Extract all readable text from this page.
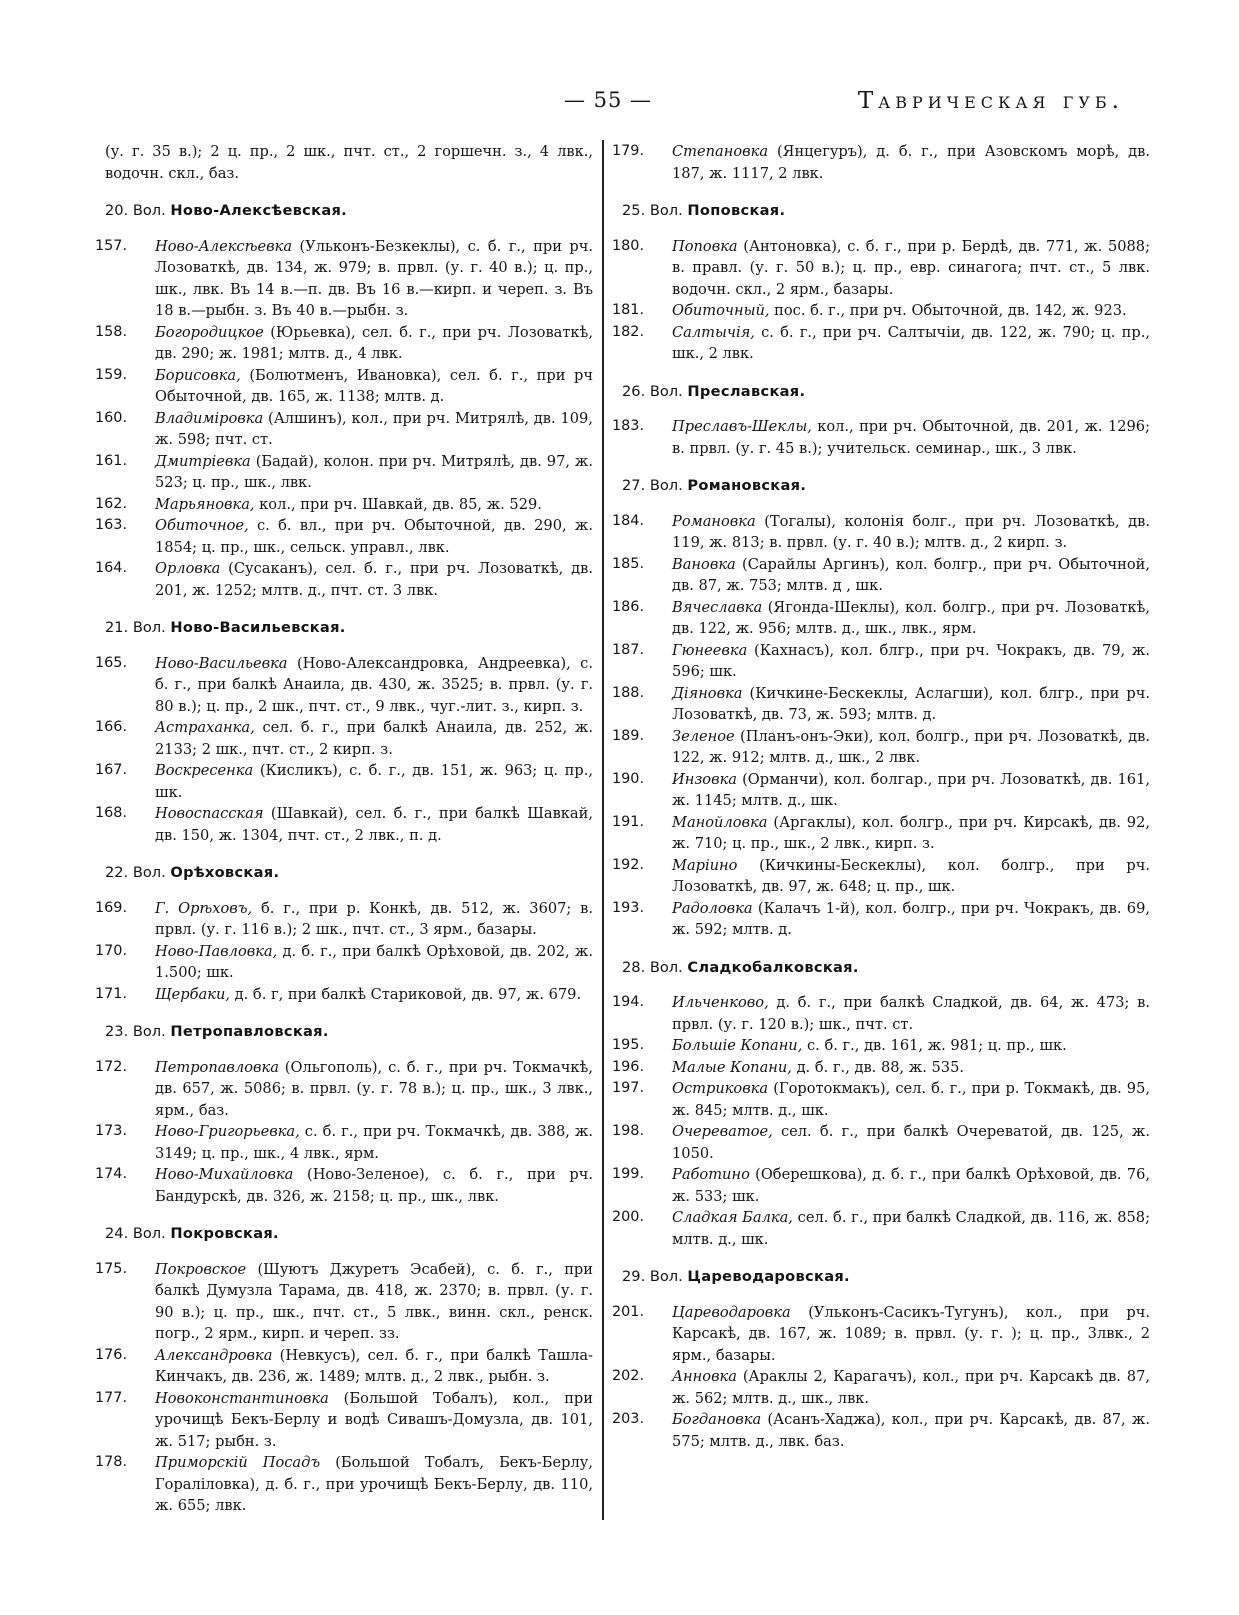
— 55 —	Таврическая губ.
(у. г. 35 в.); 2 ц. пр., 2 шк., пчт. ст., 2 горшечн. з., 4 лвк., водочн. скл., баз.
20. Вол. Ново-Алексѣевская.
157.	Ново-Алексѣевка (Ульконъ-Безкеклы), с. б. г., при рч. Лозоваткѣ, дв. 134, ж. 979; в. првл. (у. г. 40 в.); ц. пр., шк., лвк. Въ 14 в.—п. дв. Въ 16 в.—кирп. и череп. з. Въ 18 в.—рыбн. з. Въ 40 в.—рыбн. з.
158.	Богородицкое (Юрьевка), сел. б. г., при рч. Лозоваткѣ, дв. 290; ж. 1981; млтв. д., 4 лвк.
159.	Борисовка, (Болютменъ, Ивановка), сел. б. г., при рч Обыточной, дв. 165, ж. 1138; млтв. д.
160.	Владиміровка (Алшинъ), кол., при рч. Митрялѣ, дв. 109, ж. 598; пчт. ст.
161.	Дмитріевка (Бадай), колон. при рч. Митрялѣ, дв. 97, ж. 523; ц. пр., шк., лвк.
162.	Марьяновка, кол., при рч. Шавкай, дв. 85, ж. 529.
163.	Обиточное, с. б. вл., при рч. Обыточной, дв. 290, ж. 1854; ц. пр., шк., сельск. управл., лвк.
164.	Орловка (Сусаканъ), сел. б. г., при рч. Лозоваткѣ, дв. 201, ж. 1252; млтв. д., пчт. ст. 3 лвк.
21. Вол. Ново-Васильевская.
165.	Ново-Васильевка (Ново-Александровка, Андреевка), с. б. г., при балкѣ Анаила, дв. 430, ж. 3525; в. првл. (у. г. 80 в.); ц. пр., 2 шк., пчт. ст., 9 лвк., чуг.-лит. з., кирп. з.
166.	Астраханка, сел. б. г., при балкѣ Анаила, дв. 252, ж. 2133; 2 шк., пчт. ст., 2 кирп. з.
167.	Воскресенка (Кисликъ), с. б. г., дв. 151, ж. 963; ц. пр., шк.
168.	Новоспасская (Шавкай), сел. б. г., при балкѣ Шавкай, дв. 150, ж. 1304, пчт. ст., 2 лвк., п. д.
22. Вол. Орѣховская.
169.	Г. Орѣховъ, б. г., при р. Конкѣ, дв. 512, ж. 3607; в. првл. (у. г. 116 в.); 2 шк., пчт. ст., 3 ярм., базары.
170.	Ново-Павловка, д. б. г., при балкѣ Орѣховой, дв. 202, ж. 1.500; шк.
171.	Щербаки, д. б. г, при балкѣ Стариковой, дв. 97, ж. 679.
23. Вол. Петропавловская.
172.	Петропавловка (Ольгополь), с. б. г., при рч. Токмачкѣ, дв. 657, ж. 5086; в. првл. (у. г. 78 в.); ц. пр., шк., 3 лвк., ярм., баз.
173.	Ново-Григорьевка, с. б. г., при рч. Токмачкѣ, дв. 388, ж. 3149; ц. пр., шк., 4 лвк., ярм.
174.	Ново-Михайловка (Ново-Зеленое), с. б. г., при рч. Бандурскѣ, дв. 326, ж. 2158; ц. пр., шк., лвк.
24. Вол. Покровская.
175.	Покровское (Шуютъ Джуретъ Эсабей), с. б. г., при балкѣ Думузла Тарама, дв. 418, ж. 2370; в. првл. (у. г. 90 в.); ц. пр., шк., пчт. ст., 5 лвк., винн. скл., ренск. погр., 2 ярм., кирп. и череп. зз.
176.	Александровка (Невкусъ), сел. б. г., при балкѣ Ташла-Кинчакъ, дв. 236, ж. 1489; млтв. д., 2 лвк., рыбн. з.
177.	Новоконстантиновка (Большой Тобалъ), кол., при урочищѣ Бекъ-Берлу и водѣ Сивашъ-Домузла, дв. 101, ж. 517; рыбн. з.
178.	Приморскій Посадъ (Большой Тобалъ, Бекъ-Берлу, Гораліловка), д. б. г., при урочищѣ Бекъ-Берлу, дв. 110, ж. 655; лвк.
179.	Степановка (Янцегуръ), д. б. г., при Азовскомъ морѣ, дв. 187, ж. 1117, 2 лвк.
25. Вол. Поповская.
180.	Поповка (Антоновка), с. б. г., при р. Бердѣ, дв. 771, ж. 5088; в. правл. (у. г. 50 в.); ц. пр., евр. синагога; пчт. ст., 5 лвк. водочн. скл., 2 ярм., базары.
181.	Обиточный, пос. б. г., при рч. Обыточной, дв. 142, ж. 923.
182.	Салтычія, с. б. г., при рч. Салтычіи, дв. 122, ж. 790; ц. пр., шк., 2 лвк.
26. Вол. Преславская.
183.	Преславъ-Шеклы, кол., при рч. Обыточной, дв. 201, ж. 1296; в. првл. (у. г. 45 в.); учительск. семинар., шк., 3 лвк.
27. Вол. Романовская.
184.	Романовка (Тогалы), колонія болг., при рч. Лозоваткѣ, дв. 119, ж. 813; в. првл. (у. г. 40 в.); млтв. д., 2 кирп. з.
185.	Вановка (Сарайлы Аргинъ), кол. болгр., при рч. Обыточной, дв. 87, ж. 753; млтв. д , шк.
186.	Вячеславка (Ягонда-Шеклы), кол. болгр., при рч. Лозоваткѣ, дв. 122, ж. 956; млтв. д., шк., лвк., ярм.
187.	Гюнеевка (Кахнасъ), кол. блгр., при рч. Чокракъ, дв. 79, ж. 596; шк.
188.	Діяновка (Кичкине-Бескеклы, Аслагши), кол. блгр., при рч. Лозоваткѣ, дв. 73, ж. 593; млтв. д.
189.	Зеленое (Планъ-онъ-Эки), кол. болгр., при рч. Лозоваткѣ, дв. 122, ж. 912; млтв. д., шк., 2 лвк.
190.	Инзовка (Орманчи), кол. болгар., при рч. Лозоваткѣ, дв. 161, ж. 1145; млтв. д., шк.
191.	Манойловка (Аргаклы), кол. болгр., при рч. Кирсакѣ, дв. 92, ж. 710; ц. пр., шк., 2 лвк., кирп. з.
192.	Маріино (Кичкины-Бескеклы), кол. болгр., при рч. Лозоваткѣ, дв. 97, ж. 648; ц. пр., шк.
193.	Радоловка (Калачъ 1-й), кол. болгр., при рч. Чокракъ, дв. 69, ж. 592; млтв. д.
28. Вол. Сладкобалковская.
194.	Ильченково, д. б. г., при балкѣ Сладкой, дв. 64, ж. 473; в. првл. (у. г. 120 в.); шк., пчт. ст.
195.	Большіе Копани, с. б. г., дв. 161, ж. 981; ц. пр., шк.
196.	Малые Копани, д. б. г., дв. 88, ж. 535.
197.	Остриковка (Горотокмакъ), сел. б. г., при р. Токмакѣ, дв. 95, ж. 845; млтв. д., шк.
198.	Очереватое, сел. б. г., при балкѣ Очереватой, дв. 125, ж. 1050.
199.	Работино (Оберешкова), д. б. г., при балкѣ Орѣховой, дв. 76, ж. 533; шк.
200.	Сладкая Балка, сел. б. г., при балкѣ Сладкой, дв. 116, ж. 858; млтв. д., шк.
29. Вол. Цареводаровская.
201.	Цареводаровка (Ульконъ-Сасикъ-Тугунъ), кол., при рч. Карсакѣ, дв. 167, ж. 1089; в. првл. (у. г. ); ц. пр., 3лвк., 2 ярм., базары.
202.	Анновка (Араклы 2, Карагачъ), кол., при рч. Карсакѣ дв. 87, ж. 562; млтв. д., шк., лвк.
203.	Богдановка (Асанъ-Хаджа), кол., при рч. Карсакѣ, дв. 87, ж. 575; млтв. д., лвк. баз.
